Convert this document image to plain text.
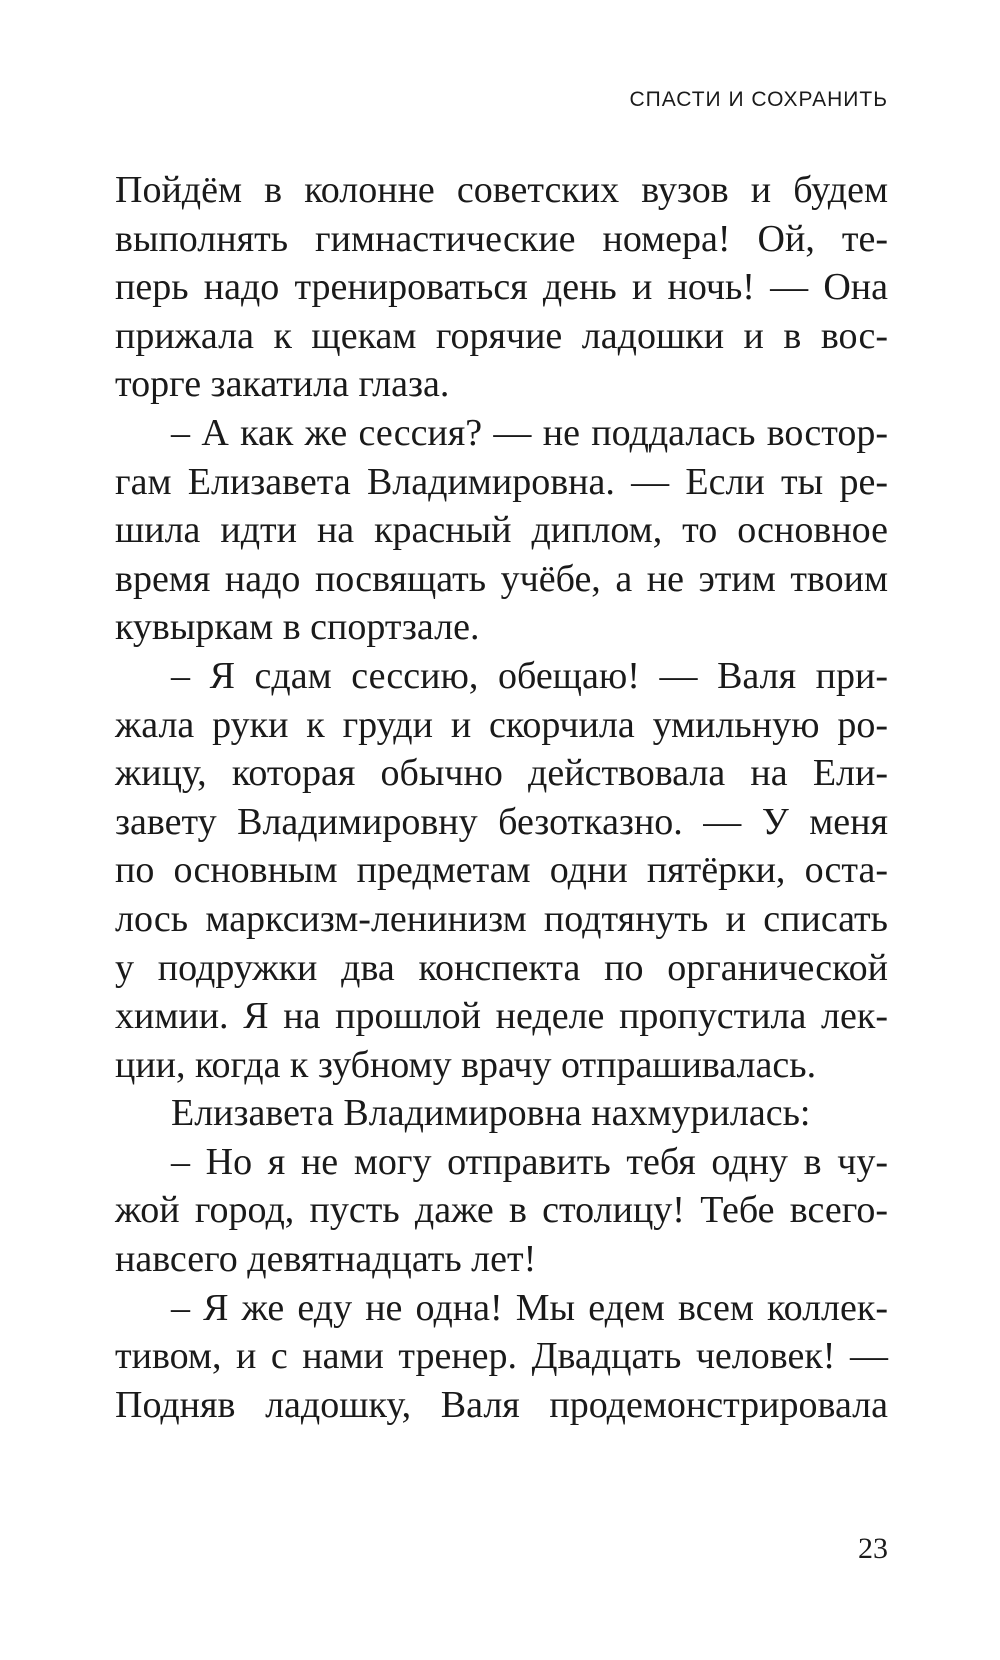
СПАСТИ И СОХРАНИТЬ
Пойдём в колонне советских вузов и будем
выполнять гимнастические номера! Ой, те-
перь надо тренироваться день и ночь! — Она
прижала к щекам горячие ладошки и в вос-
торге закатила глаза.
– А как же сессия? — не поддалась востор-
гам Елизавета Владимировна. — Если ты ре-
шила идти на красный диплом, то основное
время надо посвящать учёбе, а не этим твоим
кувыркам в спортзале.
– Я сдам сессию, обещаю! — Валя при-
жала руки к груди и скорчила умильную ро-
жицу, которая обычно действовала на Ели-
завету Владимировну безотказно. — У меня
по основным предметам одни пятёрки, оста-
лось марксизм-ленинизм подтянуть и списать
у подружки два конспекта по органической
химии. Я на прошлой неделе пропустила лек-
ции, когда к зубному врачу отпрашивалась.
Елизавета Владимировна нахмурилась:
– Но я не могу отправить тебя одну в чу-
жой город, пусть даже в столицу! Тебе всего-
навсего девятнадцать лет!
– Я же еду не одна! Мы едем всем коллек-
тивом, и с нами тренер. Двадцать человек! —
Подняв ладошку, Валя продемонстрировала
23
